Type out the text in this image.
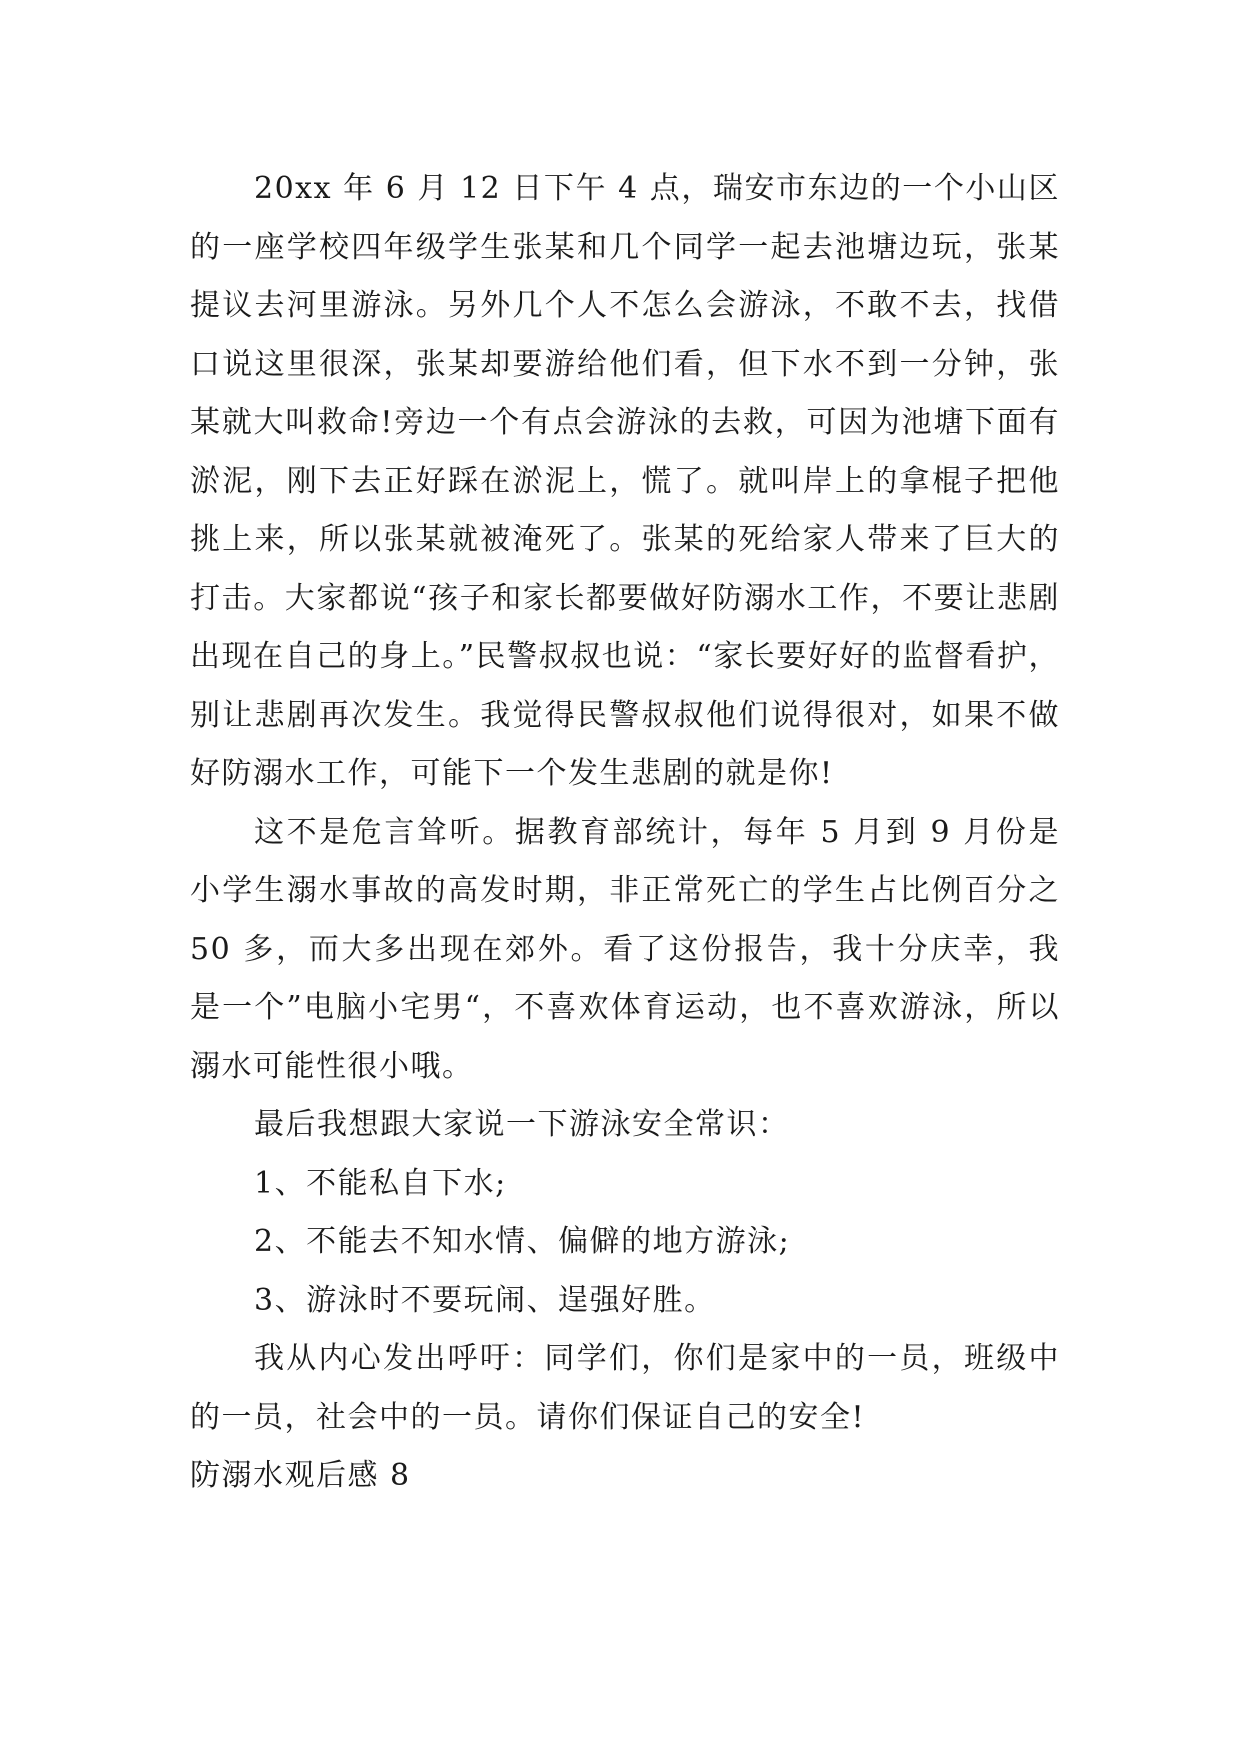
20xx 年 6 月 12 日下午 4 点，瑞安市东边的一个小山区的一座学校四年级学生张某和几个同学一起去池塘边玩，张某提议去河里游泳。另外几个人不怎么会游泳，不敢不去，找借口说这里很深，张某却要游给他们看，但下水不到一分钟，张某就大叫救命!旁边一个有点会游泳的去救，可因为池塘下面有淤泥，刚下去正好踩在淤泥上，慌了。就叫岸上的拿棍子把他挑上来，所以张某就被淹死了。张某的死给家人带来了巨大的打击。大家都说“孩子和家长都要做好防溺水工作，不要让悲剧出现在自己的身上。”民警叔叔也说：“家长要好好的监督看护，别让悲剧再次发生。我觉得民警叔叔他们说得很对，如果不做好防溺水工作，可能下一个发生悲剧的就是你!

这不是危言耸听。据教育部统计，每年 5 月到 9 月份是小学生溺水事故的高发时期，非正常死亡的学生占比例百分之 50 多，而大多出现在郊外。看了这份报告，我十分庆幸，我是一个”电脑小宅男“，不喜欢体育运动，也不喜欢游泳，所以溺水可能性很小哦。

最后我想跟大家说一下游泳安全常识：

1、不能私自下水;

2、不能去不知水情、偏僻的地方游泳;

3、游泳时不要玩闹、逞强好胜。

我从内心发出呼吁：同学们，你们是家中的一员，班级中的一员，社会中的一员。请你们保证自己的安全!

防溺水观后感 8
